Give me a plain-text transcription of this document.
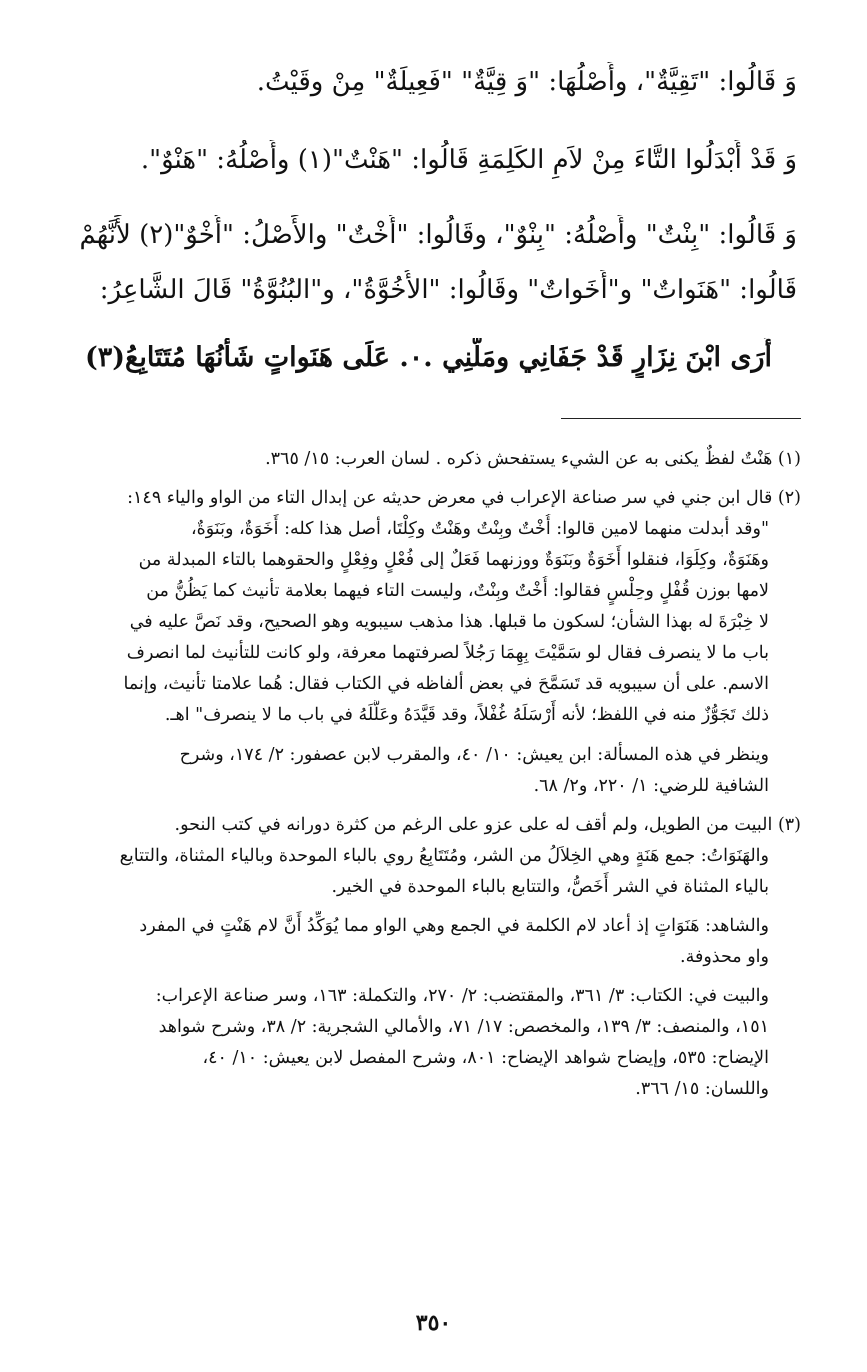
وَ قَالُوا: "تَقِيَّةٌ"، وأَصْلُهَا: "وَ قِيَّةٌ" "فَعِيلَةٌ" مِنْ وقَيْتُ.
وَ قَدْ أَبْدَلُوا التَّاءَ مِنْ لاَمِ الكَلِمَةِ قَالُوا: "هَنْتٌ"(١) وأَصْلُهُ: "هَنْوٌ".
وَ قَالُوا: "بِنْتٌ" وأَصْلُهُ: "بِنْوٌ"، وقَالُوا: "أُخْتٌ" والأَصْلُ: "أُخْوٌ"(٢) لأَنَّهُمْ
قَالُوا: "هَنَواتٌ" و"أَخَواتٌ" وقَالُوا: "الأُخُوَّةُ"، و"البُنُوَّةُ" قَالَ الشَّاعِرُ:
أَرَى ابْنَ نِزَارٍ قَدْ جَفَانِي ومَلَّنِي .٠. عَلَى هَنَواتٍ شَأْنُهَا مُتَتَابِعُ(٣)
(١) هَنْتٌ لفظٌ يكنى به عن الشيء يستفحش ذكره . لسان العرب: ١٥/ ٣٦٥.
(٢) قال ابن جني في سر صناعة الإعراب في معرض حديثه عن إبدال التاء من الواو والياء ١٤٩:
"وقد أبدلت منهما لامين قالوا: أُخْتٌ وبِنْتٌ وهَنْتٌ وكِلْتَا، أصل هذا كله: أَخَوَةٌ، وبَنَوَةٌ،
وهَنَوَةٌ، وكِلَوَا، فنقلوا أَخَوَةٌ وبَنَوَةٌ ووزنهما فَعَلٌ إلى فُعْلٍ وفِعْلٍ والحقوهما بالتاء المبدلة من
لامها بوزن قُفْلٍ وحِلْسٍ فقالوا: أُخْتٌ وبِنْتٌ، وليست التاء فيهما بعلامة تأنيث كما يَظُنُّ من
لا خِبْرَةَ له بهذا الشأن؛ لسكون ما قبلها. هذا مذهب سيبويه وهو الصحيح، وقد نَصَّ عليه في
باب ما لا ينصرف فقال لو سَمَّيْتَ بِهِمَا رَجُلاً لصرفتهما معرفة، ولو كانت للتأنيث لما انصرف
الاسم. على أن سيبويه قد تَسَمَّحَ في بعض ألفاظه في الكتاب فقال: هُما علامتا تأنيث، وإنما
ذلك تَجَوُّزٌ منه في اللفظ؛ لأنه أَرْسَلَهُ غُفْلاً، وقد قَيَّدَهُ وعَلَّلَهُ في باب ما لا ينصرف" اهـ.
وينظر في هذه المسألة: ابن يعيش: ١٠/ ٤٠، والمقرب لابن عصفور: ٢/ ١٧٤، وشرح
الشافية للرضي: ١/ ٢٢٠، و٢/ ٦٨.
(٣) البيت من الطويل، ولم أقف له على عزو على الرغم من كثرة دورانه في كتب النحو.
والهَنَوَاتُ: جمع هَنَةٍ وهي الخِلاَلُ من الشر، ومُتَتَابِعُ روي بالباء الموحدة وبالياء المثناة، والتتايع
بالياء المثناة في الشر أَخَصُّ، والتتابع بالباء الموحدة في الخير.
والشاهد: هَنَوَاتٍ إذ أعاد لام الكلمة في الجمع وهي الواو مما يُوَكِّدُ أَنَّ لام هَنْتٍ في المفرد
واو محذوفة.
والبيت في: الكتاب: ٣/ ٣٦١، والمقتضب: ٢/ ٢٧٠، والتكملة: ١٦٣، وسر صناعة الإعراب:
١٥١، والمنصف: ٣/ ١٣٩، والمخصص: ١٧/ ٧١، والأمالي الشجرية: ٢/ ٣٨، وشرح شواهد
الإيضاح: ٥٣٥، وإيضاح شواهد الإيضاح: ٨٠١، وشرح المفصل لابن يعيش: ١٠/ ٤٠،
واللسان: ١٥/ ٣٦٦.
٣٥٠
